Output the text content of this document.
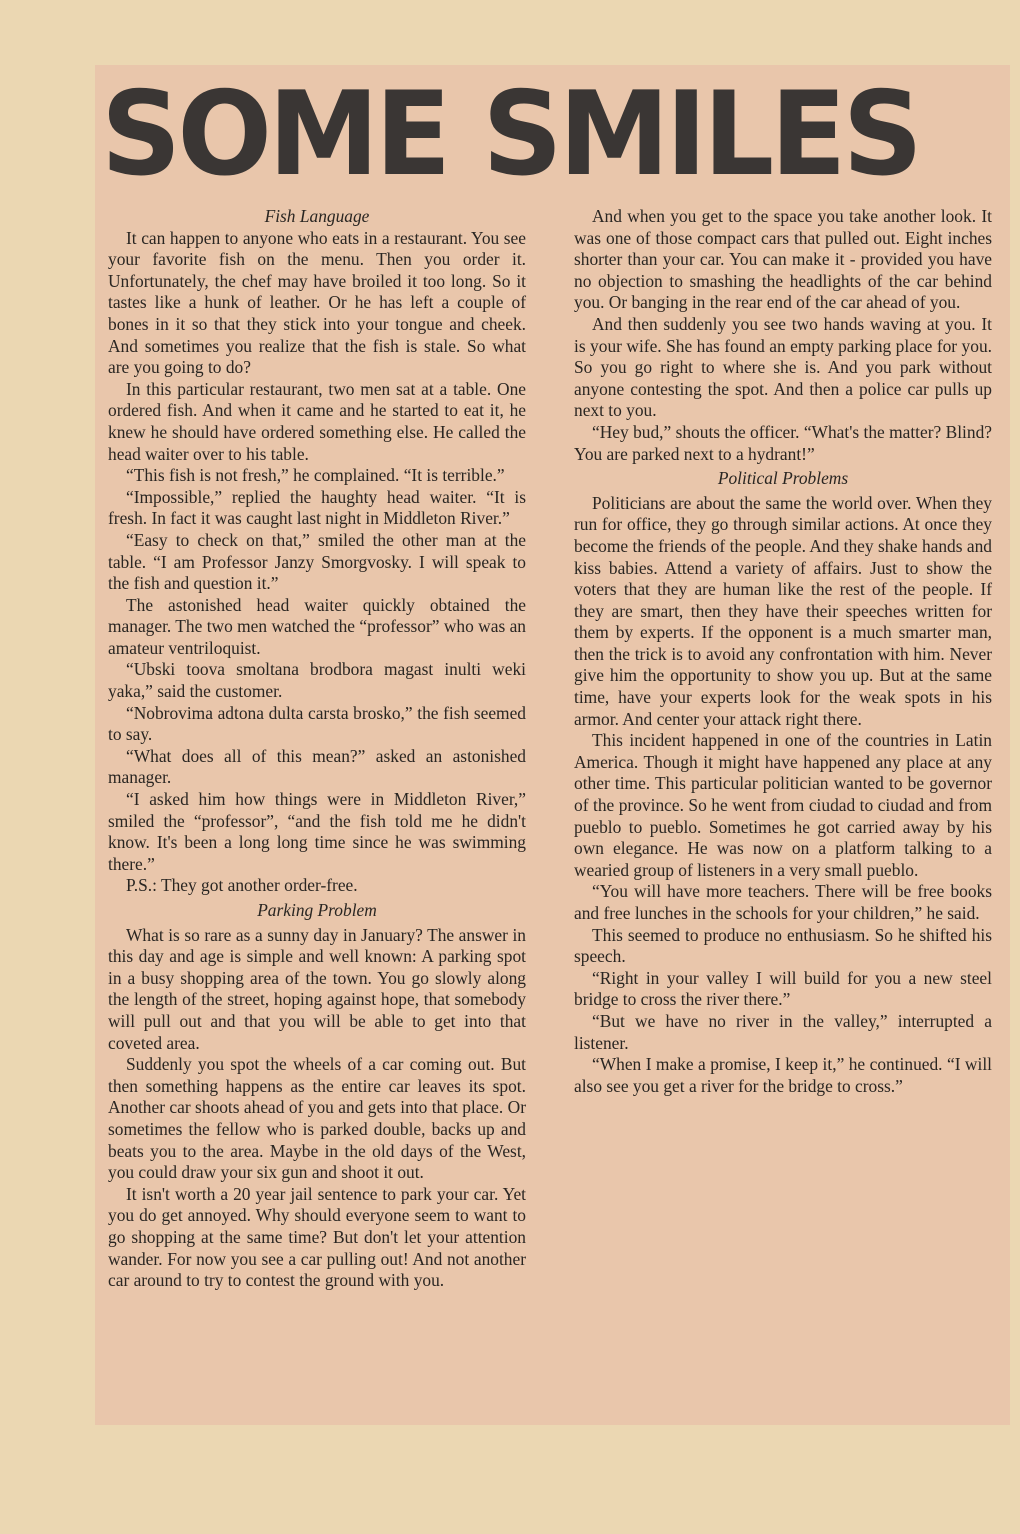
SOME SMILES

Fish Language

It can happen to anyone who eats in a restaurant. You see your favorite fish on the menu. Then you order it. Unfortunately, the chef may have broiled it too long. So it tastes like a hunk of leather. Or he has left a couple of bones in it so that they stick into your tongue and cheek. And sometimes you realize that the fish is stale. So what are you going to do?

In this particular restaurant, two men sat at a table. One ordered fish. And when it came and he started to eat it, he knew he should have ordered something else. He called the head waiter over to his table.

“This fish is not fresh,” he complained. “It is terrible.”

“Impossible,” replied the haughty head waiter. “It is fresh. In fact it was caught last night in Middleton River.”

“Easy to check on that,” smiled the other man at the table. “I am Professor Janzy Smorgvosky. I will speak to the fish and question it.”

The astonished head waiter quickly obtained the manager. The two men watched the “professor” who was an amateur ventriloquist.

“Ubski toova smoltana brodbora magast inulti weki yaka,” said the customer.

“Nobrovima adtona dulta carsta brosko,” the fish seemed to say.

“What does all of this mean?” asked an astonished manager.

“I asked him how things were in Middleton River,” smiled the “professor”, “and the fish told me he didn't know. It's been a long long time since he was swimming there.”

P.S.: They got another order-free.

Parking Problem

What is so rare as a sunny day in January? The answer in this day and age is simple and well known: A parking spot in a busy shopping area of the town. You go slowly along the length of the street, hoping against hope, that somebody will pull out and that you will be able to get into that coveted area.

Suddenly you spot the wheels of a car coming out. But then something happens as the entire car leaves its spot. Another car shoots ahead of you and gets into that place. Or sometimes the fellow who is parked double, backs up and beats you to the area. Maybe in the old days of the West, you could draw your six gun and shoot it out.

It isn't worth a 20 year jail sentence to park your car. Yet you do get annoyed. Why should everyone seem to want to go shopping at the same time? But don't let your attention wander. For now you see a car pulling out! And not another car around to try to contest the ground with you.

And when you get to the space you take another look. It was one of those compact cars that pulled out. Eight inches shorter than your car. You can make it - provided you have no objection to smashing the headlights of the car behind you. Or banging in the rear end of the car ahead of you.

And then suddenly you see two hands waving at you. It is your wife. She has found an empty parking place for you. So you go right to where she is. And you park without anyone contesting the spot. And then a police car pulls up next to you.

“Hey bud,” shouts the officer. “What's the matter? Blind? You are parked next to a hydrant!”

Political Problems

Politicians are about the same the world over. When they run for office, they go through similar actions. At once they become the friends of the people. And they shake hands and kiss babies. Attend a variety of affairs. Just to show the voters that they are human like the rest of the people. If they are smart, then they have their speeches written for them by experts. If the opponent is a much smarter man, then the trick is to avoid any confrontation with him. Never give him the opportunity to show you up. But at the same time, have your experts look for the weak spots in his armor. And center your attack right there.

This incident happened in one of the countries in Latin America. Though it might have happened any place at any other time. This particular politician wanted to be governor of the province. So he went from ciudad to ciudad and from pueblo to pueblo. Sometimes he got carried away by his own elegance. He was now on a platform talking to a wearied group of listeners in a very small pueblo.

“You will have more teachers. There will be free books and free lunches in the schools for your children,” he said.

This seemed to produce no enthusiasm. So he shifted his speech.

“Right in your valley I will build for you a new steel bridge to cross the river there.”

“But we have no river in the valley,” interrupted a listener.

“When I make a promise, I keep it,” he continued. “I will also see you get a river for the bridge to cross.”
